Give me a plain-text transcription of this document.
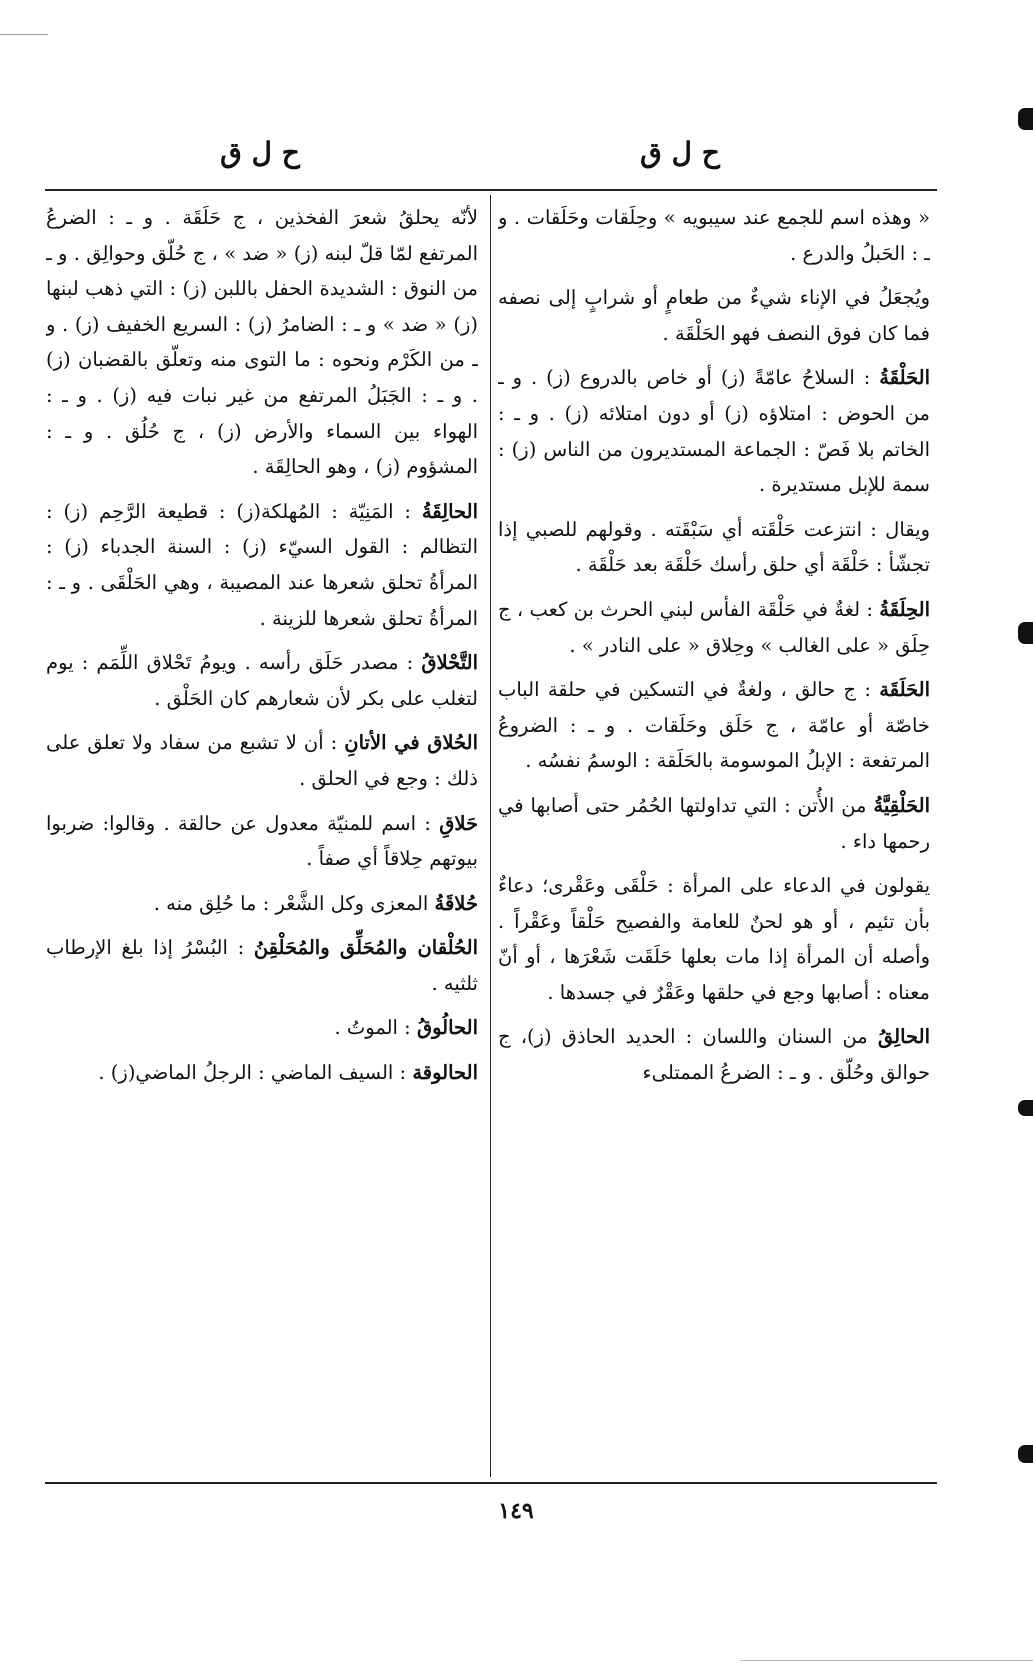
ح ل ق
ح ل ق

« وهذه اسم للجمع عند سيبويه » وحِلَقات وحَلَقات . و ـ : الحَبلُ والدرع .

ويُجعَلُ في الإناء شيءٌ من طعامٍ أو شرابٍ إلى نصفه فما كان فوق النصف فهو الحَلْقَة .

الحَلْقَةُ : السلاحُ عامّةً (ز) أو خاص بالدروع (ز) . و ـ من الحوض : امتلاؤه (ز) أو دون امتلائه (ز) . و ـ : الخاتم بلا فَصّ : الجماعة المستديرون من الناس (ز) : سمة للإبل مستديرة .

ويقال : انتزعت حَلْقَته أي سَبْقَته . وقولهم للصبي إذا تجشّأ : حَلْقَة أي حلق رأسك حَلْقَة بعد حَلْقَة .

الحِلَقَةُ : لغةٌ في حَلْقَة الفأس لبني الحرث بن كعب ، ج حِلَق « على الغالب » وحِلاق « على النادر » .

الحَلَقَة : ج حالق ، ولغةٌ في التسكين في حلقة الباب خاصّة أو عامّة ، ج حَلَق وحَلَقات . و ـ : الضروعُ المرتفعة : الإبلُ الموسومة بالحَلَقة : الوسمُ نفسُه .

الحَلْقِيَّةُ من الأُتن : التي تداولتها الحُمُر حتى أصابها في رحمها داء .

يقولون في الدعاء على المرأة : حَلْقَى وعَقْرى؛ دعاءٌ بأن تئيم ، أو هو لحنٌ للعامة والفصيح حَلْقاً وعَقْراً . وأصله أن المرأة إذا مات بعلها حَلَقَت شَعْرَها ، أو أنّ معناه : أصابها وجع في حلقها وعَقْرٌ في جسدها .

الحالِقُ من السنان واللسان : الحديد الحاذق (ز)، ج حوالق وحُلّق . و ـ : الضرعُ الممتلىء

لأنّه يحلقُ شعرَ الفخذين ، ج حَلَقَة . و ـ : الضرعُ المرتفع لمّا قلّ لبنه (ز) « ضد » ، ج حُلّق وحوالِق . و ـ من النوق : الشديدة الحفل باللبن (ز) : التي ذهب لبنها (ز) « ضد » و ـ : الضامرُ (ز) : السريع الخفيف (ز) . و ـ من الكَرْم ونحوه : ما التوى منه وتعلّق بالقضبان (ز) . و ـ : الجَبَلُ المرتفع من غير نبات فيه (ز) . و ـ : الهواء بين السماء والأرض (ز) ، ج حُلُق . و ـ : المشؤوم (ز) ، وهو الحالِقَة .

الحالِقَةُ : المَنِيّة : المُهلكة(ز) : قطيعة الرَّحِم (ز) : التظالم : القول السيّء (ز) : السنة الجدباء (ز) : المرأةُ تحلق شعرها عند المصيبة ، وهي الحَلْقَى . و ـ : المرأةُ تحلق شعرها للزينة .

التَّحْلاقُ : مصدر حَلَق رأسه . ويومُ تَحْلاق اللِّمَم : يوم لتغلب على بكر لأن شعارهم كان الحَلْق .

الحُلاق في الأتانِ : أن لا تشبع من سفاد ولا تعلق على ذلك : وجع في الحلق .

حَلاقِ : اسم للمنيّة معدول عن حالقة . وقالوا: ضربوا بيوتهم حِلاقاً أي صفاً .

حُلاقَةُ المعزى وكل الشَّعْر : ما حُلِق منه .

الحُلْقان والمُحَلِّق والمُحَلْقِنُ : البُسْرُ إذا بلغ الإرطاب ثلثيه .

الحالُوقُ : الموتُ .

الحالوقة : السيف الماضي : الرجلُ الماضي(ز) .

١٤٩
